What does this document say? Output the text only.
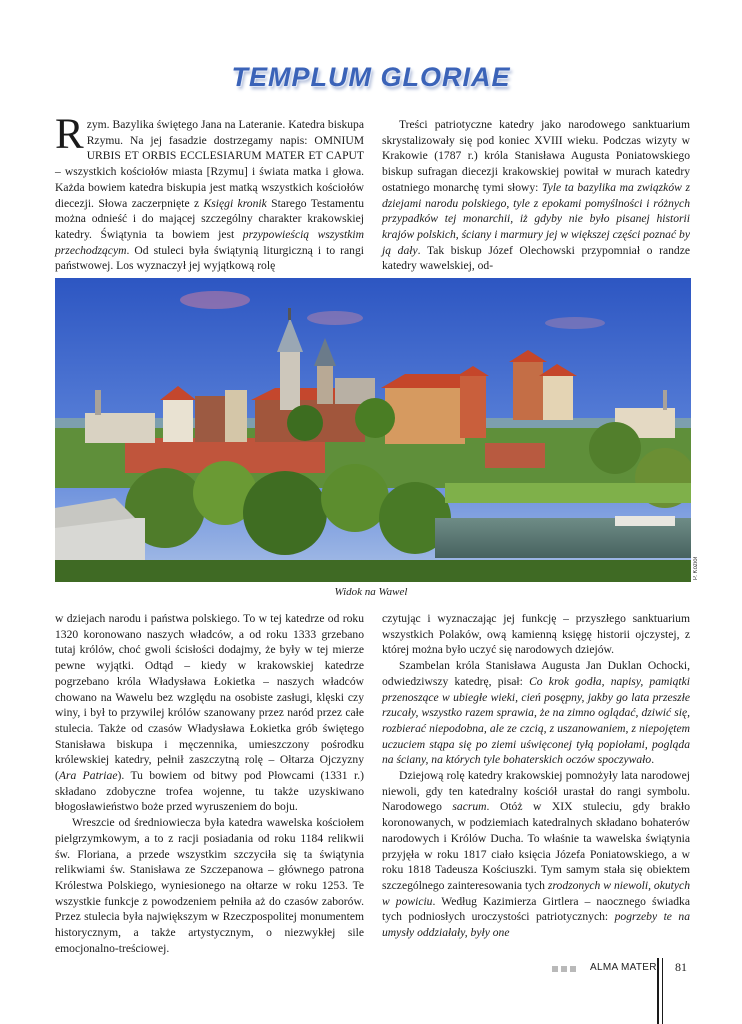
TEMPLUM GLORIAE

Rzym. Bazylika świętego Jana na Lateranie. Katedra biskupa Rzymu. Na jej fasadzie dostrzegamy napis: OMNIUM URBIS ET ORBIS ECCLESIARUM MATER ET CAPUT – wszystkich kościołów miasta [Rzymu] i świata matka i głowa. Każda bowiem katedra biskupia jest matką wszystkich kościołów diecezji. Słowa zaczerpnięte z Księgi kronik Starego Testamentu można odnieść i do mającej szczególny charakter krakowskiej katedry. Świątynia ta bowiem jest przypowieścią wszystkim przechodzącym. Od stuleci była świątynią liturgiczną i to rangi państwowej. Los wyznaczył jej wyjątkową rolę

Treści patriotyczne katedry jako narodowego sanktuarium skrystalizowały się pod koniec XVIII wieku. Podczas wizyty w Krakowie (1787 r.) króla Stanisława Augusta Poniatowskiego biskup sufragan diecezji krakowskiej powitał w murach katedry ostatniego monarchę tymi słowy: Tyle ta bazylika ma związków z dziejami narodu polskiego, tyle z epokami pomyślności i różnych przypadków tej monarchii, iż gdyby nie było pisanej historii krajów polskich, ściany i marmury jej w większej części poznać by ją dały. Tak biskup Józef Olechowski przypomniał o randze katedry wawelskiej, od-

P. Kozioł
Widok na Wawel

w dziejach narodu i państwa polskiego. To w tej katedrze od roku 1320 koronowano naszych władców, a od roku 1333 grzebano tutaj królów, choć gwoli ścisłości dodajmy, że były w tej mierze pewne wyjątki. Odtąd – kiedy w krakowskiej katedrze pogrzebano króla Władysława Łokietka – naszych władców chowano na Wawelu bez względu na osobiste zasługi, klęski czy winy, i był to przywilej królów szanowany przez naród przez całe stulecia. Także od czasów Władysława Łokietka grób świętego Stanisława biskupa i męczennika, umieszczony pośrodku królewskiej katedry, pełnił zaszczytną rolę – Ołtarza Ojczyzny (Ara Patriae). Tu bowiem od bitwy pod Płowcami (1331 r.) składano zdobyczne trofea wojenne, tu także uzyskiwano błogosławieństwo boże przed wyruszeniem do boju.

Wreszcie od średniowiecza była katedra wawelska kościołem pielgrzymkowym, a to z racji posiadania od roku 1184 relikwii św. Floriana, a przede wszystkim szczyciła się ta świątynia relikwiami św. Stanisława ze Szczepanowa – głównego patrona Królestwa Polskiego, wyniesionego na ołtarze w roku 1253. Te wszystkie funkcje z powodzeniem pełniła aż do czasów zaborów. Przez stulecia była największym w Rzeczpospolitej monumentem historycznym, a także artystycznym, o niezwykłej sile emocjonalno-treściowej.

czytując i wyznaczając jej funkcję – przyszłego sanktuarium wszystkich Polaków, ową kamienną księgę historii ojczystej, z której można było uczyć się narodowych dziejów.

Szambelan króla Stanisława Augusta Jan Duklan Ochocki, odwiedziwszy katedrę, pisał: Co krok godła, napisy, pamiątki przenoszące w ubiegłe wieki, cień posępny, jakby go lata przeszłe rzucały, wszystko razem sprawia, że na zimno oglądać, dziwić się, rozbierać niepodobna, ale ze czcią, z uszanowaniem, z niepojętem uczuciem stąpa się po ziemi uświęconej tyłą popiołami, pogląda na ściany, na których tyle bohaterskich oczów spoczywało.

Dziejową rolę katedry krakowskiej pomnożyły lata narodowej niewoli, gdy ten katedralny kościół urastał do rangi symbolu. Narodowego sacrum. Otóż w XIX stuleciu, gdy brakło koronowanych, w podziemiach katedralnych składano bohaterów narodowych i Królów Ducha. To właśnie ta wawelska świątynia przyjęła w roku 1817 ciało księcia Józefa Poniatowskiego, a w roku 1818 Tadeusza Kościuszki. Tym samym stała się obiektem szczególnego zainteresowania tych zrodzonych w niewoli, okutych w powiciu. Według Kazimierza Girtlera – naocznego świadka tych podniosłych uroczystości patriotycznych: pogrzeby te na umysły oddziałały, były one

ALMA MATER 81
